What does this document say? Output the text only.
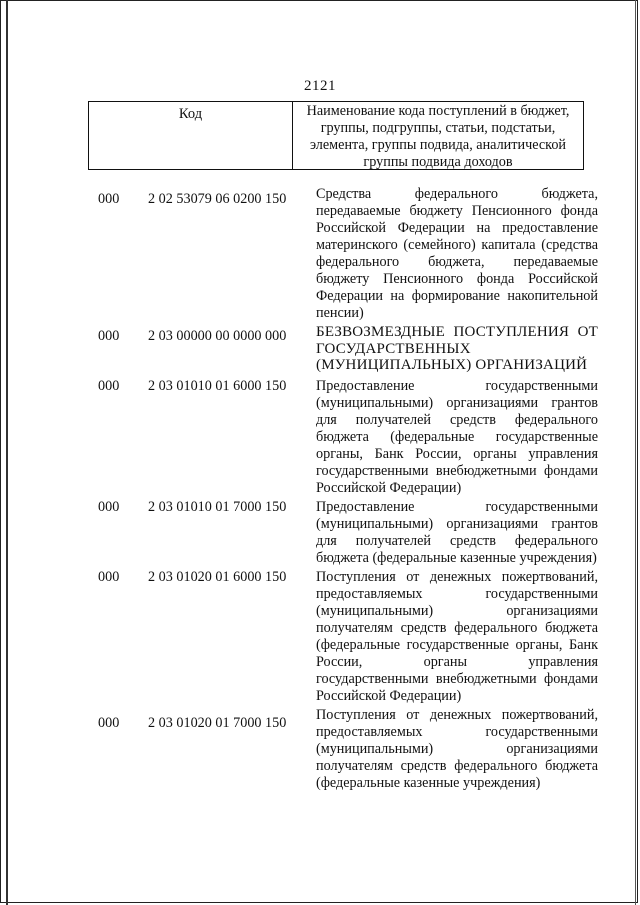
2121
Код	Наименование кода поступлений в бюджет, группы, подгруппы, статьи, подстатьи, элемента, группы подвида, аналитической группы подвида доходов
000	2 02 53079 06 0200 150	Средства федерального бюджета, передаваемые бюджету Пенсионного фонда Российской Федерации на предоставление материнского (семейного) капитала (средства федерального бюджета, передаваемые бюджету Пенсионного фонда Российской Федерации на формирование накопительной пенсии)
000	2 03 00000 00 0000 000	БЕЗВОЗМЕЗДНЫЕ ПОСТУПЛЕНИЯ ОТ ГОСУДАРСТВЕННЫХ (МУНИЦИПАЛЬНЫХ) ОРГАНИЗАЦИЙ
000	2 03 01010 01 6000 150	Предоставление государственными (муниципальными) организациями грантов для получателей средств федерального бюджета (федеральные государственные органы, Банк России, органы управления государственными внебюджетными фондами Российской Федерации)
000	2 03 01010 01 7000 150	Предоставление государственными (муниципальными) организациями грантов для получателей средств федерального бюджета (федеральные казенные учреждения)
000	2 03 01020 01 6000 150	Поступления от денежных пожертвований, предоставляемых государственными (муниципальными) организациями получателям средств федерального бюджета (федеральные государственные органы, Банк России, органы управления государственными внебюджетными фондами Российской Федерации)
000	2 03 01020 01 7000 150	Поступления от денежных пожертвований, предоставляемых государственными (муниципальными) организациями получателям средств федерального бюджета (федеральные казенные учреждения)
